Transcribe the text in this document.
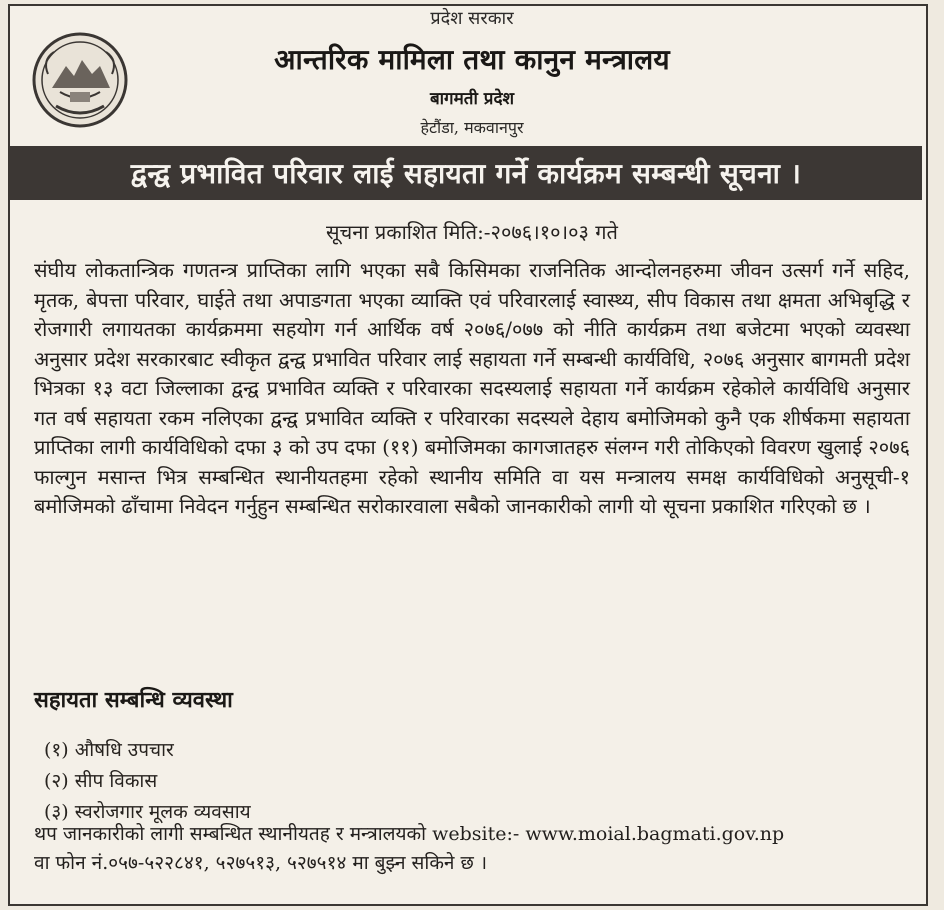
प्रदेश सरकार
आन्तरिक मामिला तथा कानुन मन्त्रालय
बागमती प्रदेश
हेटौंडा, मकवानपुर
द्वन्द्व प्रभावित परिवार लाई सहायता गर्ने कार्यक्रम सम्बन्धी सूचना ।
सूचना प्रकाशित मिति:-२०७६।१०।०३ गते
संघीय लोकतान्त्रिक गणतन्त्र प्राप्तिका लागि भएका सबै किसिमका राजनितिक आन्दोलनहरुमा जीवन उत्सर्ग गर्ने सहिद, मृतक, बेपत्ता परिवार, घाईते तथा अपाङगता भएका व्याक्ति एवं परिवारलाई स्वास्थ्य, सीप विकास तथा क्षमता अभिबृद्धि र रोजगारी लगायतका कार्यक्रममा सहयोग गर्न आर्थिक वर्ष २०७६/०७७ को नीति कार्यक्रम तथा बजेटमा भएको व्यवस्था अनुसार प्रदेश सरकारबाट स्वीकृत द्वन्द्व प्रभावित परिवार लाई सहायता गर्ने सम्बन्धी कार्यविधि, २०७६ अनुसार बागमती प्रदेश भित्रका १३ वटा जिल्लाका द्वन्द्व प्रभावित व्यक्ति र परिवारका सदस्यलाई सहायता गर्ने कार्यक्रम रहेकोले कार्यविधि अनुसार गत वर्ष सहायता रकम नलिएका द्वन्द्व प्रभावित व्यक्ति र परिवारका सदस्यले देहाय बमोजिमको कुनै एक शीर्षकमा सहायता प्राप्तिका लागी कार्यविधिको दफा ३ को उप दफा (११) बमोजिमका कागजातहरु संलग्न गरी तोकिएको विवरण खुलाई २०७६ फाल्गुन मसान्त भित्र सम्बन्धित स्थानीयतहमा रहेको स्थानीय समिति वा यस मन्त्रालय समक्ष कार्यविधिको अनुसूची-१ बमोजिमको ढाँचामा निवेदन गर्नुहुन सम्बन्धित सरोकारवाला सबैको जानकारीको लागी यो सूचना प्रकाशित गरिएको छ ।
सहायता सम्बन्धि व्यवस्था
(१) औषधि उपचार
(२) सीप विकास
(३) स्वरोजगार मूलक व्यवसाय
थप जानकारीको लागी सम्बन्धित स्थानीयतह र मन्त्रालयको website:- www.moial.bagmati.gov.np
वा फोन नं.०५७-५२२८४१, ५२७५१३, ५२७५१४ मा बुझ्न सकिने छ ।
